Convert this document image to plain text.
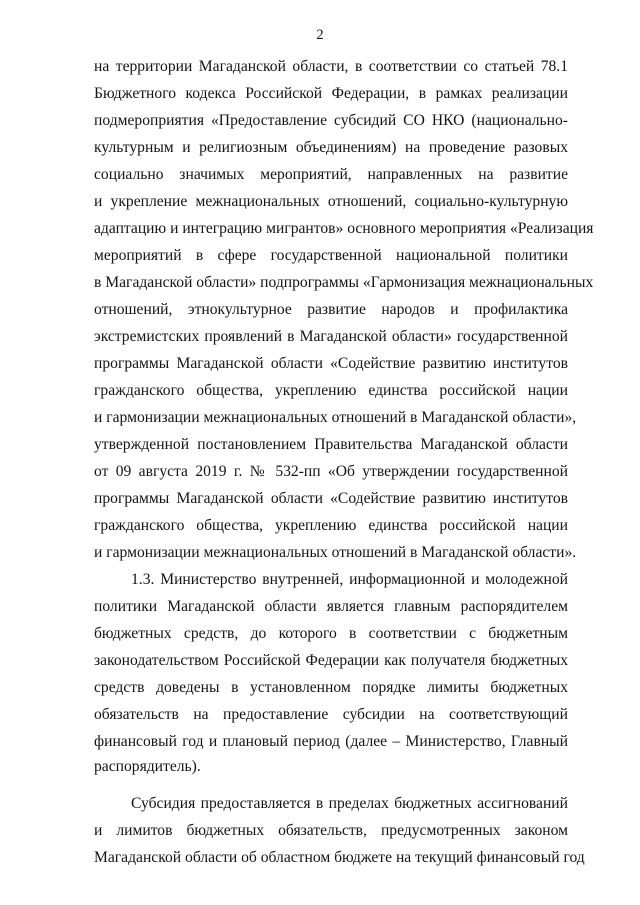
2
на территории Магаданской области, в соответствии со статьей 78.1
Бюджетного кодекса Российской Федерации, в рамках реализации
подмероприятия «Предоставление субсидий СО НКО (национально-
культурным и религиозным объединениям) на проведение разовых
социально значимых мероприятий, направленных на развитие
и укрепление межнациональных отношений, социально-культурную
адаптацию и интеграцию мигрантов» основного мероприятия «Реализация
мероприятий в сфере государственной национальной политики
в Магаданской области» подпрограммы «Гармонизация межнациональных
отношений, этнокультурное развитие народов и профилактика
экстремистских проявлений в Магаданской области» государственной
программы Магаданской области «Содействие развитию институтов
гражданского общества, укреплению единства российской нации
и гармонизации межнациональных отношений в Магаданской области»,
утвержденной постановлением Правительства Магаданской области
от 09 августа 2019 г. № 532-пп «Об утверждении государственной
программы Магаданской области «Содействие развитию институтов
гражданского общества, укреплению единства российской нации
и гармонизации межнациональных отношений в Магаданской области».
1.3. Министерство внутренней, информационной и молодежной
политики Магаданской области является главным распорядителем
бюджетных средств, до которого в соответствии с бюджетным
законодательством Российской Федерации как получателя бюджетных
средств доведены в установленном порядке лимиты бюджетных
обязательств на предоставление субсидии на соответствующий
финансовый год и плановый период (далее – Министерство, Главный
распорядитель).
Субсидия предоставляется в пределах бюджетных ассигнований
и лимитов бюджетных обязательств, предусмотренных законом
Магаданской области об областном бюджете на текущий финансовый год
